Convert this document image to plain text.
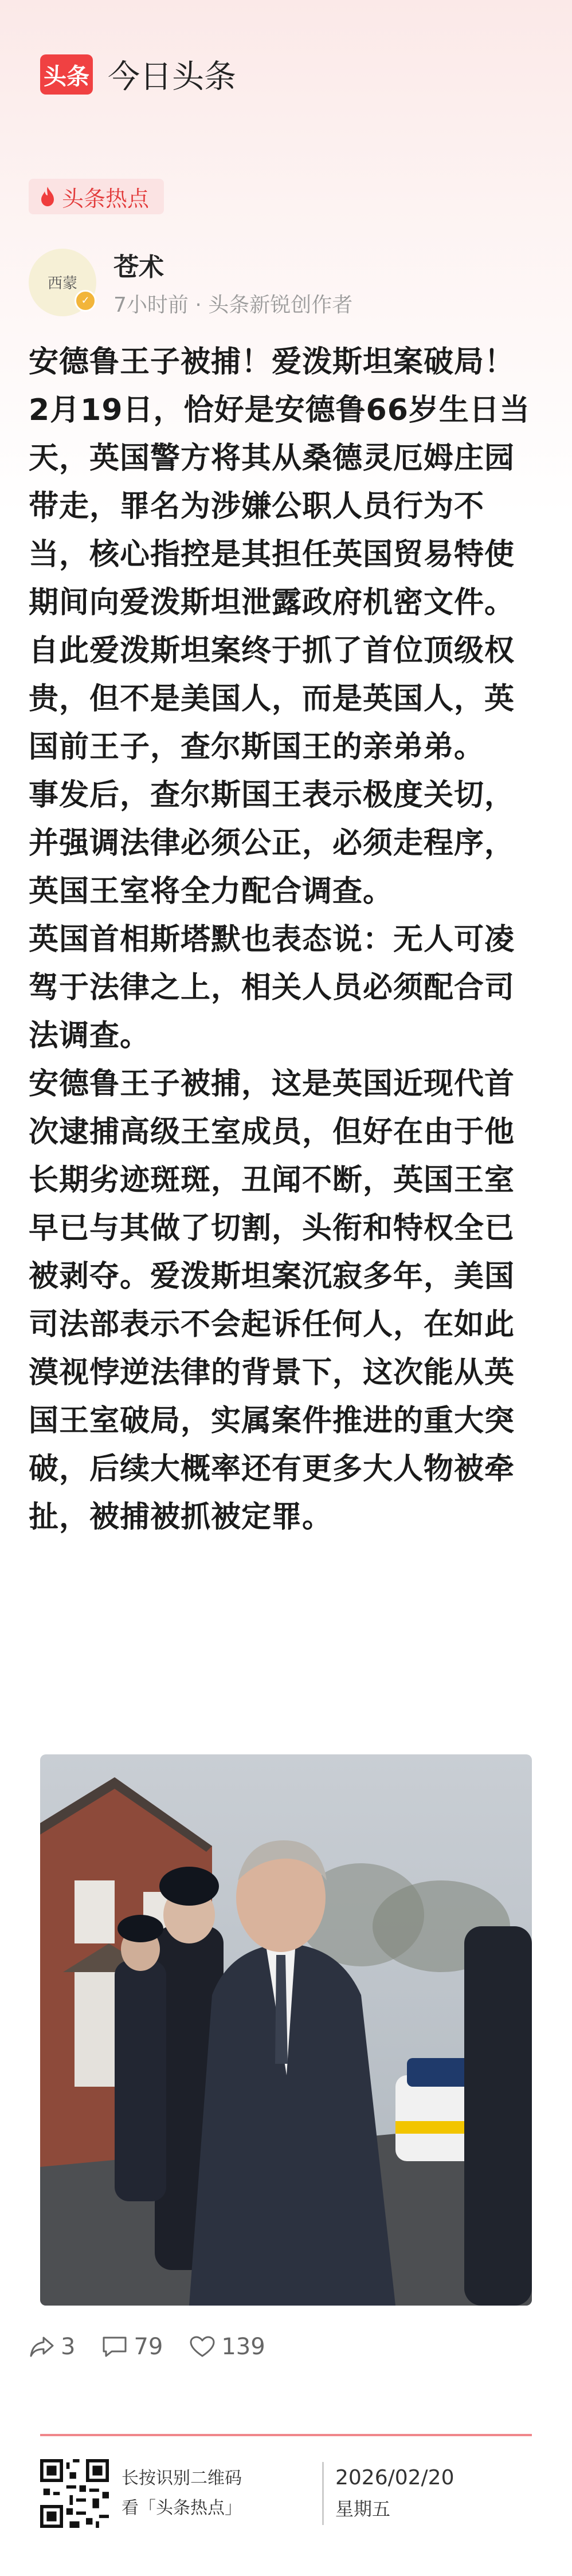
头条 今日头条
头条热点
西蒙
✓
苍术
7小时前 · 头条新锐创作者

安德鲁王子被捕！爱泼斯坦案破局！2月19日，恰好是安德鲁66岁生日当天，英国警方将其从桑德灵厄姆庄园带走，罪名为涉嫌公职人员行为不当，核心指控是其担任英国贸易特使期间向爱泼斯坦泄露政府机密文件。自此爱泼斯坦案终于抓了首位顶级权贵，但不是美国人，而是英国人，英国前王子，查尔斯国王的亲弟弟。

事发后，查尔斯国王表示极度关切，并强调法律必须公正，必须走程序，英国王室将全力配合调查。

英国首相斯塔默也表态说：无人可凌驾于法律之上，相关人员必须配合司法调查。

安德鲁王子被捕，这是英国近现代首次逮捕高级王室成员，但好在由于他长期劣迹斑斑，丑闻不断，英国王室早已与其做了切割，头衔和特权全已被剥夺。爱泼斯坦案沉寂多年，美国司法部表示不会起诉任何人，在如此漠视悖逆法律的背景下，这次能从英国王室破局，实属案件推进的重大突破，后续大概率还有更多大人物被牵扯，被捕被抓被定罪。

3	79	139
长按识别二维码
看「头条热点」
2026/02/20
星期五
